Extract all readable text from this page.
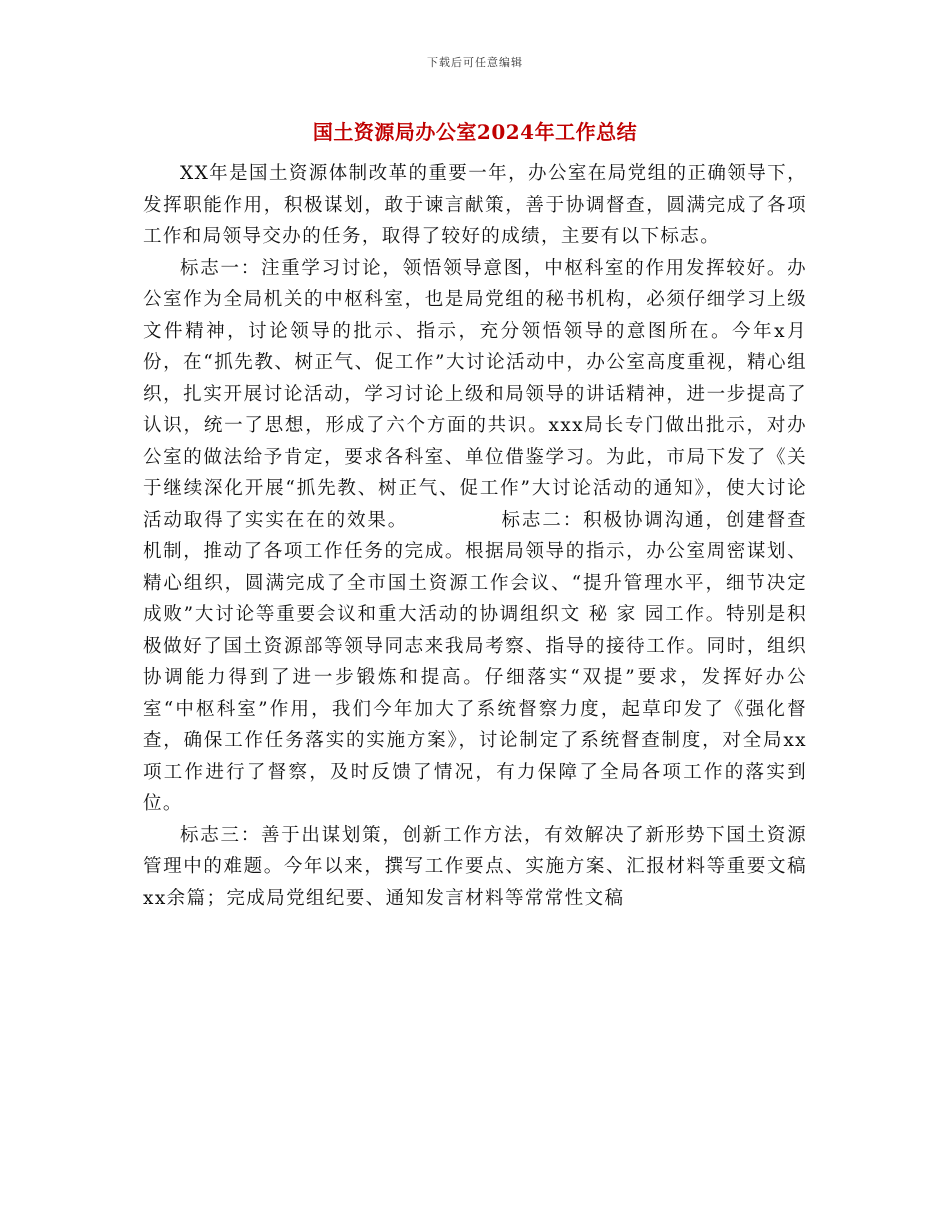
下载后可任意编辑
国土资源局办公室2024年工作总结

XX年是国土资源体制改革的重要一年，办公室在局党组的正确领导下，发挥职能作用，积极谋划，敢于谏言献策，善于协调督查，圆满完成了各项工作和局领导交办的任务，取得了较好的成绩，主要有以下标志。

标志一：注重学习讨论，领悟领导意图，中枢科室的作用发挥较好。办公室作为全局机关的中枢科室，也是局党组的秘书机构，必须仔细学习上级文件精神，讨论领导的批示、指示，充分领悟领导的意图所在。今年x月份，在“抓先教、树正气、促工作”大讨论活动中，办公室高度重视，精心组织，扎实开展讨论活动，学习讨论上级和局领导的讲话精神，进一步提高了认识，统一了思想，形成了六个方面的共识。xxx局长专门做出批示，对办公室的做法给予肯定，要求各科室、单位借鉴学习。为此，市局下发了《关于继续深化开展“抓先教、树正气、促工作”大讨论活动的通知》，使大讨论活动取得了实实在在的效果。            标志二：积极协调沟通，创建督查机制，推动了各项工作任务的完成。根据局领导的指示，办公室周密谋划、精心组织，圆满完成了全市国土资源工作会议、“提升管理水平，细节决定成败”大讨论等重要会议和重大活动的协调组织文 秘 家 园工作。特别是积极做好了国土资源部等领导同志来我局考察、指导的接待工作。同时，组织协调能力得到了进一步锻炼和提高。仔细落实“双提”要求，发挥好办公室“中枢科室”作用，我们今年加大了系统督察力度，起草印发了《强化督查，确保工作任务落实的实施方案》，讨论制定了系统督查制度，对全局xx项工作进行了督察，及时反馈了情况，有力保障了全局各项工作的落实到位。

标志三：善于出谋划策，创新工作方法，有效解决了新形势下国土资源管理中的难题。今年以来，撰写工作要点、实施方案、汇报材料等重要文稿xx余篇；完成局党组纪要、通知发言材料等常常性文稿
